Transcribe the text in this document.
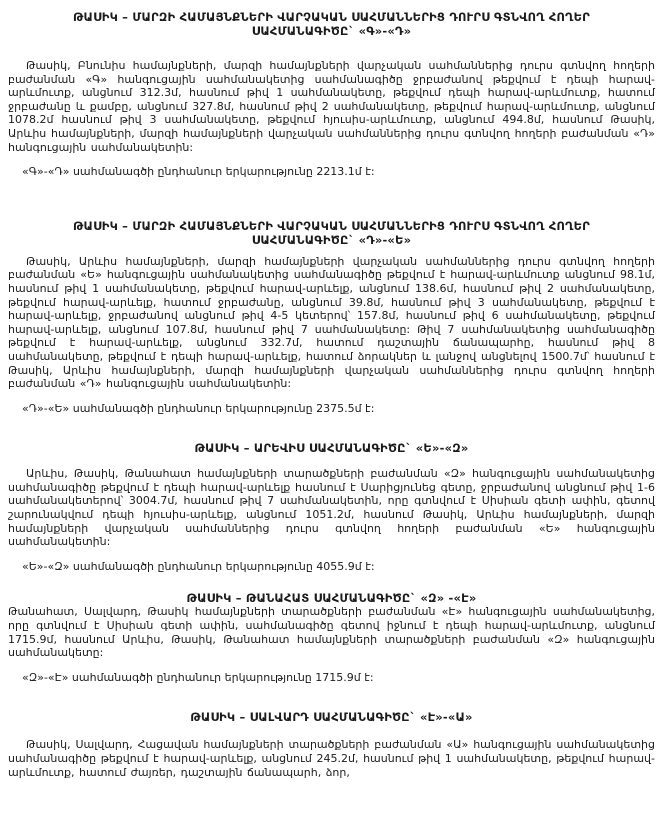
ԹԱՍԻԿ – ՄԱՐԶԻ ՀԱՄԱՅՆՔՆԵՐԻ ՎԱՐՉԱԿԱՆ ՍԱՀՄԱՆՆԵՐԻՑ ԴՈՒՐՍ ԳՏՆՎՈՂ ՀՈՂԵՐ
ՍԱՀՄԱՆԱԳԻԾԸ` «Գ»-«Դ»

Թասիկ, Բնունիս համայնքների, մարզի համայնքների վարչական սահմաններից դուրս գտնվող հողերի բաժանման «Գ» հանգուցային սահմանակետից սահմանագիծը ջրբաժանով թեքվում է դեպի հարավ-արևմուտք, անցնում 312.3մ, հասնում թիվ 1 սահմանակետը, թեքվում դեպի հարավ-արևմուտք, հատում ջրբաժանը և քամբը, անցնում 327.8մ, հասնում թիվ 2 սահմանակետը, թեքվում հարավ-արևմուտք, անցնում 1078.2մ հասնում թիվ 3 սահմանակետը, թեքվում հյուսիս-արևմուտք, անցնում 494.8մ, հասնում Թասիկ, Արևիս համայնքների, մարզի համայնքների վարչական սահմաններից դուրս գտնվող հողերի բաժանման «Դ» հանգուցային սահմանակետին:

«Գ»-«Դ» սահմանագծի ընդհանուր երկարությունը 2213.1մ է:

ԹԱՍԻԿ – ՄԱՐԶԻ ՀԱՄԱՅՆՔՆԵՐԻ ՎԱՐՉԱԿԱՆ ՍԱՀՄԱՆՆԵՐԻՑ ԴՈՒՐՍ ԳՏՆՎՈՂ ՀՈՂԵՐ
ՍԱՀՄԱՆԱԳԻԾԸ` «Դ»-«Ե»

Թասիկ, Արևիս համայնքների, մարզի համայնքների վարչական սահմաններից դուրս գտնվող հողերի բաժանման «Ե» հանգուցային սահմանակետից սահմանագիծը թեքվում է հարավ-արևմուտք անցնում 98.1մ, հասնում թիվ 1 սահմանակետը, թեքվում հարավ-արևելք, անցնում 138.6մ, հասնում թիվ 2 սահմանակետը, թեքվում հարավ-արևելք, հատում ջրբաժանը, անցնում 39.8մ, հասնում թիվ 3 սահմանակետը, թեքվում է հարավ-արևելք, ջրբաժանով անցնում թիվ 4-5 կետերով՝ 157.8մ, հասնում թիվ 6 սահմանակետը, թեքվում հարավ-արևելք, անցնում 107.8մ, հասնում թիվ 7 սահմանակետը: Թիվ 7 սահմանակետից սահմանագիծը թեքվում է հարավ-արևելք, անցնում 332.7մ, հատում դաշտային ճանապարհը, հասնում թիվ 8 սահմանակետը, թեքվում է դեպի հարավ-արևելք, հատում ձորակներ և լանջով անցնելով 1500.7մ՝ հասնում է Թասիկ, Արևիս համայնքների, մարզի համայնքների վարչական սահմաններից դուրս գտնվող հողերի բաժանման «Դ» հանգուցային սահմանակետին:

«Դ»-«Ե» սահմանագծի ընդհանուր երկարությունը 2375.5մ է:

ԹԱՍԻԿ – ԱՐԵՎԻՍ ՍԱՀՄԱՆԱԳԻԾԸ` «Ե»-«Զ»

Արևիս, Թասիկ, Թանահատ համայնքների տարածքների բաժանման «Զ» հանգուցային սահմանակետից սահմանագիծը թեքվում է դեպի հարավ-արևելք հասնում է Սարիցյունեց գետը, ջրբաժանով անցնում թիվ 1-6 սահմանակետերով՝ 3004.7մ, հասնում թիվ 7 սահմանակետին, որը գտնվում է Սիսիան գետի ափին, գետով շարունակվում դեպի հյուսիս-արևելք, անցնում 1051.2մ, հասնում Թասիկ, Արևիս համայնքների, մարզի համայնքների վարչական սահմաններից դուրս գտնվող հողերի բաժանման «Ե» հանգուցային սահմանակետին:

«Ե»-«Զ» սահմանագծի ընդհանուր երկարությունը 4055.9մ է:

ԹԱՍԻԿ – ԹԱՆԱՀԱՏ ՍԱՀՄԱՆԱԳԻԾԸ` «Զ» -«Է»

Թանահատ, Սալվարդ, Թասիկ համայնքների տարածքների բաժանման «Է» հանգուցային սահմանակետից, որը գտնվում է Սիսիան գետի ափին, սահմանագիծը գետով իջնում է դեպի հարավ-արևմուտք, անցնում 1715.9մ, հասնում Արևիս, Թասիկ, Թանահատ համայնքների տարածքների բաժանման «Զ» հանգուցային սահմանակետը:

«Զ»-«Է» սահմանագծի ընդհանուր երկարությունը 1715.9մ է:

ԹԱՍԻԿ – ՍԱԼՎԱՐԴ ՍԱՀՄԱՆԱԳԻԾԸ` «Է»-«Ա»

Թասիկ, Սալվարդ, Հացավան համայնքների տարածքների բաժանման «Ա» հանգուցային սահմանակետից սահմանագիծը թեքվում է հարավ-արևելք, անցնում 245.2մ, հասնում թիվ 1 սահմանակետը, թեքվում հարավ-արևմուտք, հատում ժայռեր, դաշտային ճանապարհ, ձոր,
